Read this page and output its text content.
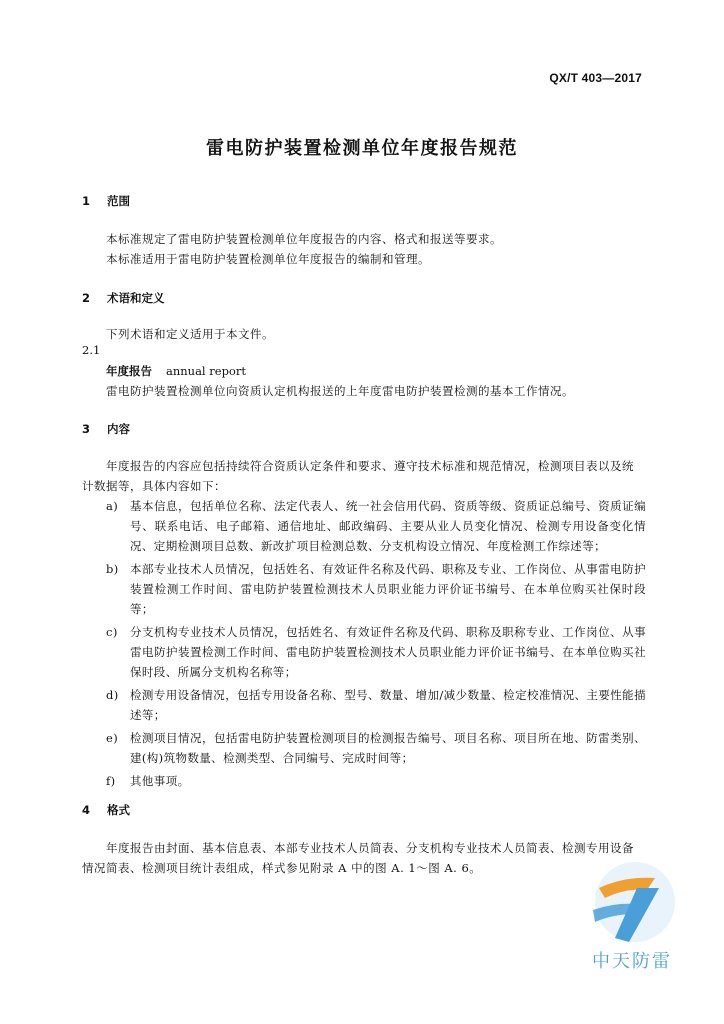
QX/T 403—2017
雷电防护装置检测单位年度报告规范
1 范围

本标准规定了雷电防护装置检测单位年度报告的内容、格式和报送等要求。

本标准适用于雷电防护装置检测单位年度报告的编制和管理。

2 术语和定义

下列术语和定义适用于本文件。

2.1
年度报告 annual report

雷电防护装置检测单位向资质认定机构报送的上年度雷电防护装置检测的基本工作情况。

3 内容

年度报告的内容应包括持续符合资质认定条件和要求、遵守技术标准和规范情况，检测项目表以及统计数据等，具体内容如下：

a)	基本信息，包括单位名称、法定代表人、统一社会信用代码、资质等级、资质证总编号、资质证编号、联系电话、电子邮箱、通信地址、邮政编码、主要从业人员变化情况、检测专用设备变化情况、定期检测项目总数、新改扩项目检测总数、分支机构设立情况、年度检测工作综述等；
b) 本部专业技术人员情况，包括姓名、有效证件名称及代码、职称及专业、工作岗位、从事雷电防护装置检测工作时间、雷电防护装置检测技术人员职业能力评价证书编号、在本单位购买社保时段等；
c)	分支机构专业技术人员情况，包括姓名、有效证件名称及代码、职称及职称专业、工作岗位、从事雷电防护装置检测工作时间、雷电防护装置检测技术人员职业能力评价证书编号、在本单位购买社保时段、所属分支机构名称等；
d) 检测专用设备情况，包括专用设备名称、型号、数量、增加/减少数量、检定校准情况、主要性能描述等；
e)	检测项目情况，包括雷电防护装置检测项目的检测报告编号、项目名称、项目所在地、防雷类别、建(构)筑物数量、检测类型、合同编号、完成时间等；
f)	其他事项。
4 格式

年度报告由封面、基本信息表、本部专业技术人员简表、分支机构专业技术人员简表、检测专用设备情况简表、检测项目统计表组成，样式参见附录 A 中的图 A. 1～图 A. 6。

中天防雷
